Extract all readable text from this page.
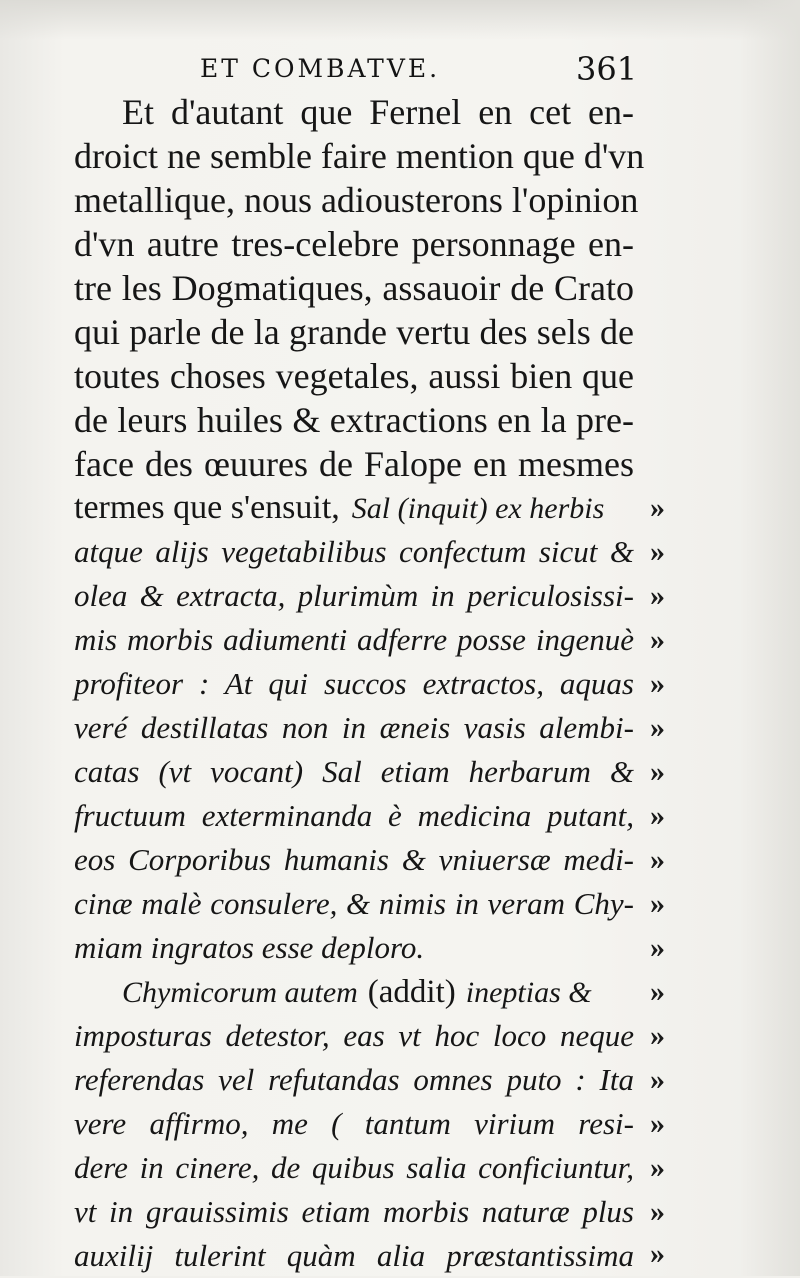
ET COMBATVE.	361
Et d'autant que Fernel en cet en-
droict ne semble faire mention que d'vn
metallique, nous adiousterons l'opinion
d'vn autre tres-celebre personnage en-
tre les Dogmatiques, assauoir de Crato
qui parle de la grande vertu des sels de
toutes choses vegetales, aussi bien que
de leurs huiles & extractions en la pre-
face des œuures de Falope en mesmes
termes que s'ensuit, Sal (inquit) ex herbis
atque alijs vegetabilibus confectum sicut &
olea & extracta, plurimùm in periculosissi-
mis morbis adiumenti adferre posse ingenuè
profiteor : At qui succos extractos, aquas
veré destillatas non in æneis vasis alembi-
catas (vt vocant) Sal etiam herbarum &
fructuum exterminanda è medicina putant,
eos Corporibus humanis & vniuersæ medi-
cinæ malè consulere, & nimis in veram Chy-
miam ingratos esse deploro.
Chymicorum autem (addit) ineptias &
imposturas detestor, eas vt hoc loco neque
referendas vel refutandas omnes puto : Ita
vere affirmo, me ( tantum virium resi-
dere in cinere, de quibus salia conficiuntur,
vt in grauissimis etiam morbis naturæ plus
auxilij tulerint quàm alia præstantissima
»
»
»
»
»
»
»
»
»
»
»
»
»
»
»
»
»
»
